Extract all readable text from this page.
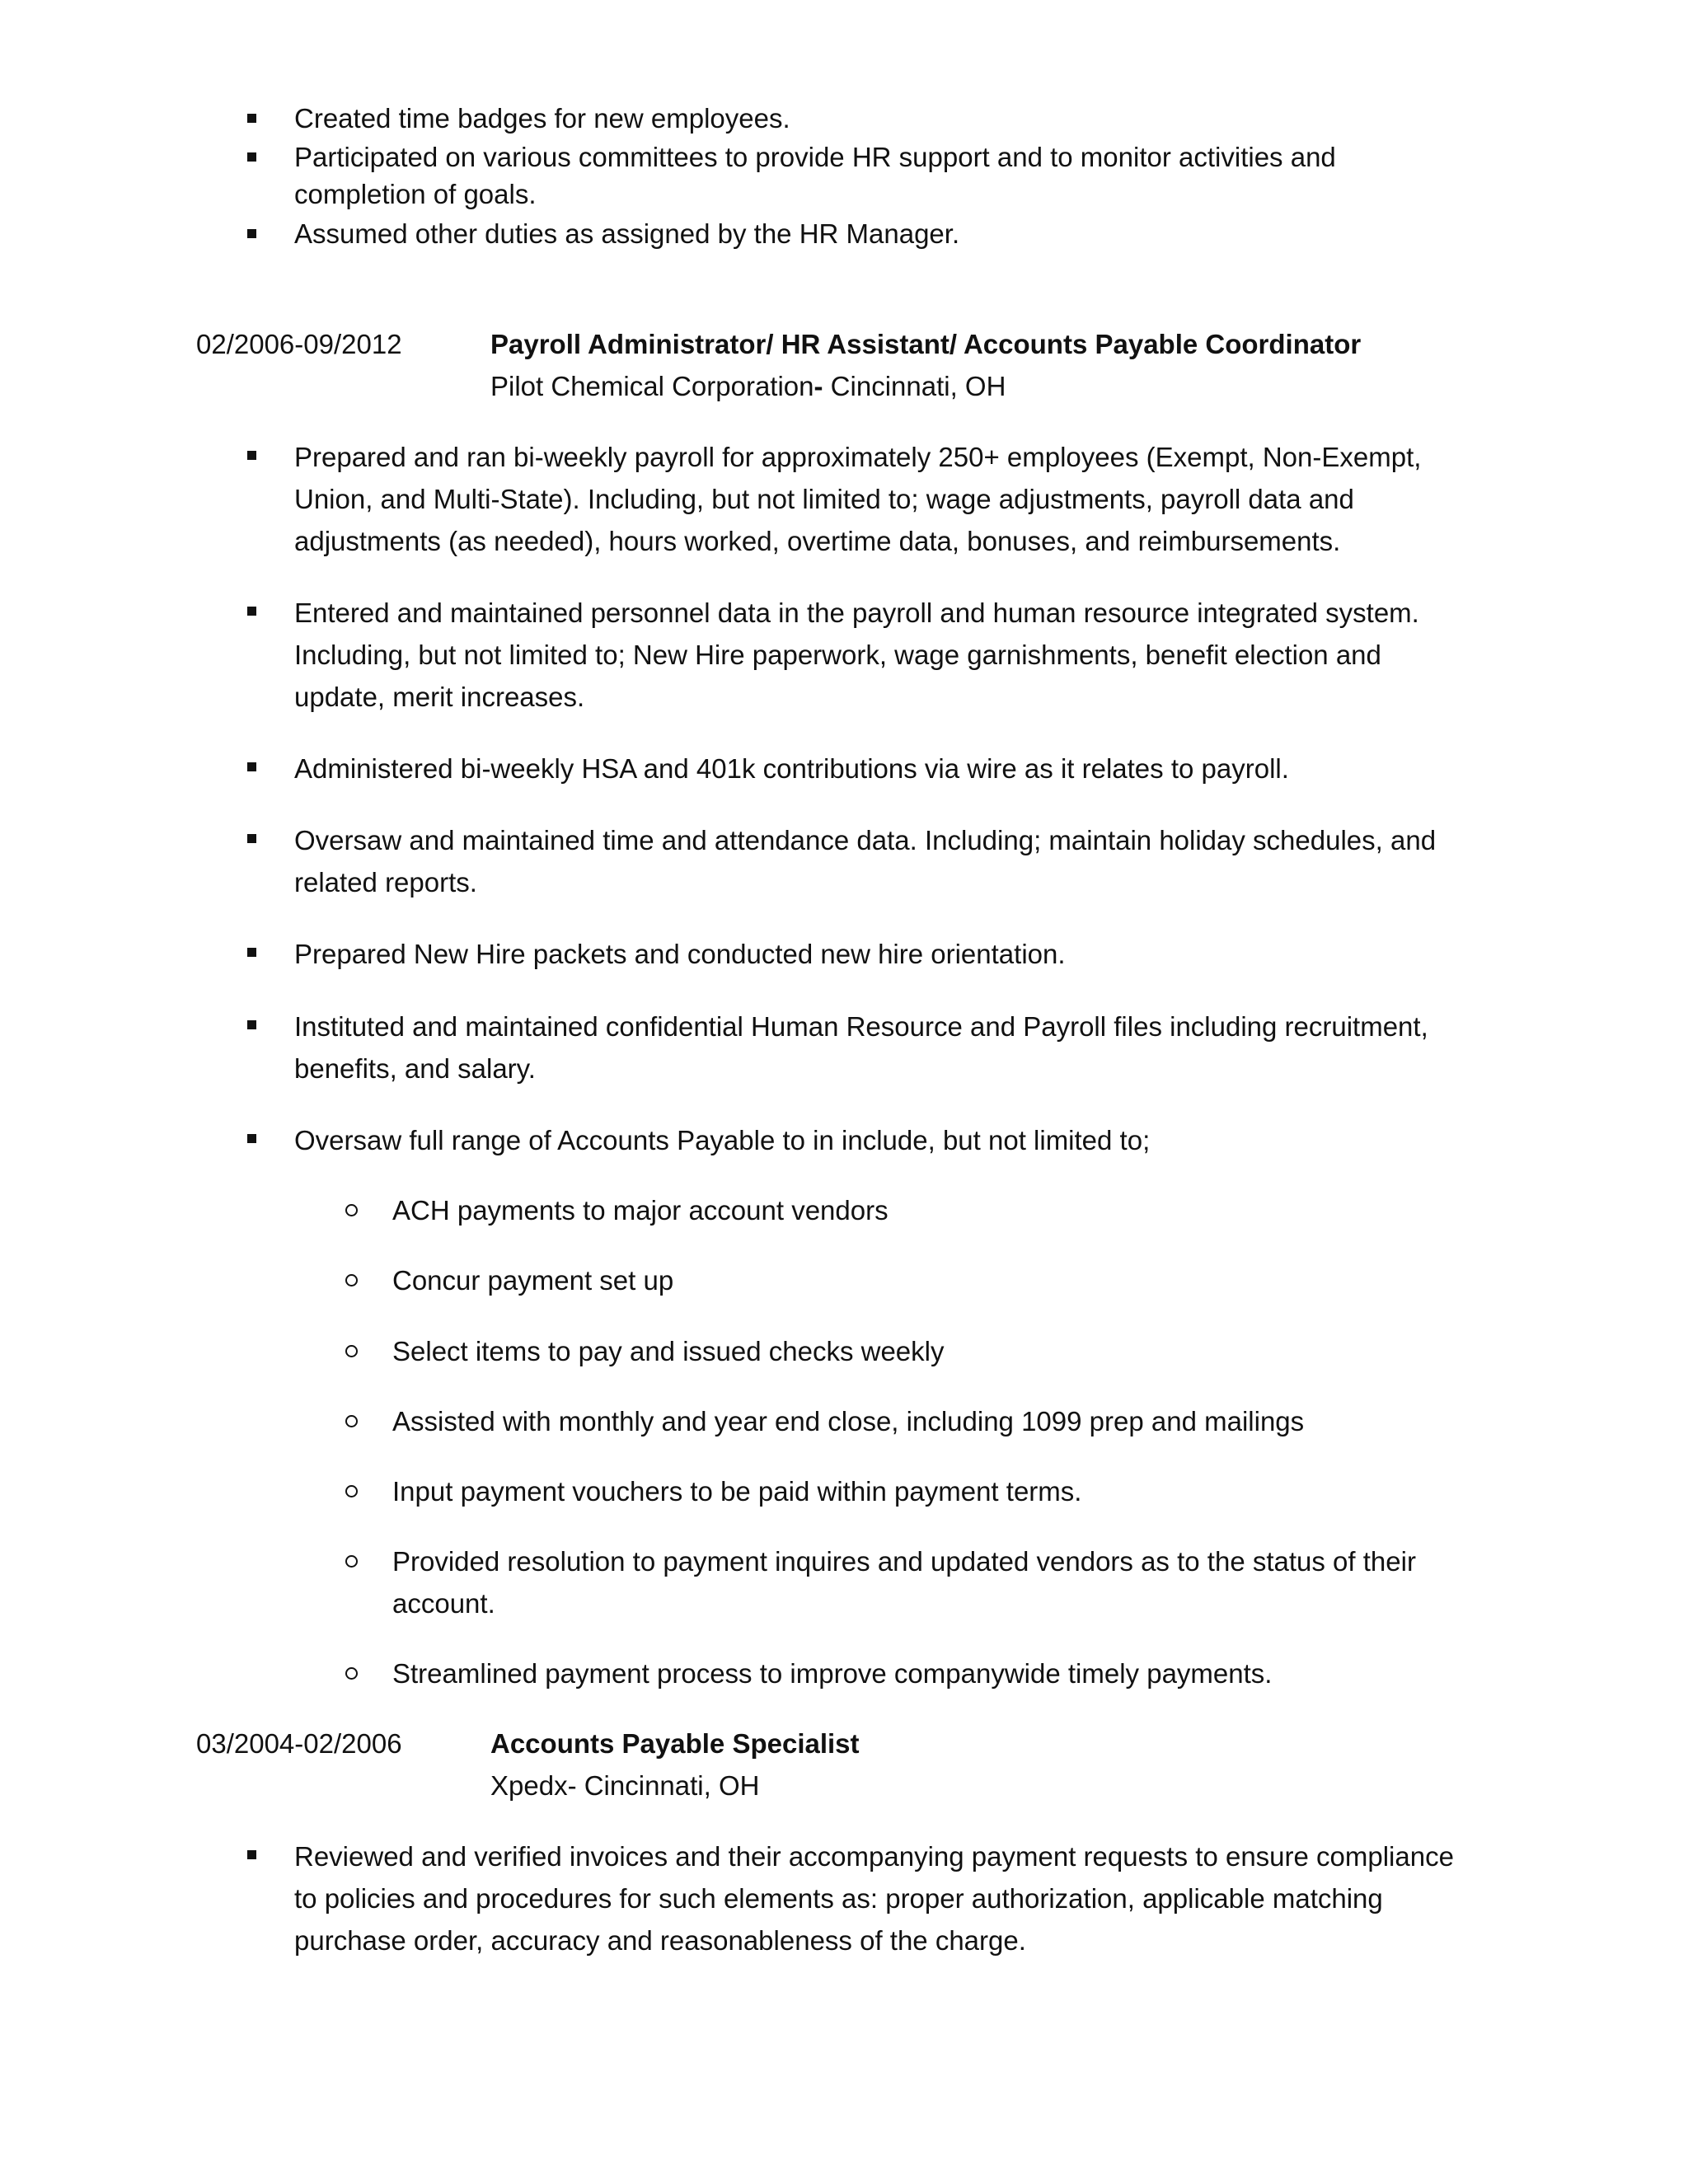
Created time badges for new employees.
Participated on various committees to provide HR support and to monitor activities and
completion of goals.
Assumed other duties as assigned by the HR Manager.
02/2006-09/2012	Payroll Administrator/ HR Assistant/ Accounts Payable Coordinator
Pilot Chemical Corporation- Cincinnati, OH
Prepared and ran bi-weekly payroll for approximately 250+ employees (Exempt, Non-Exempt,
Union, and Multi-State). Including, but not limited to; wage adjustments, payroll data and
adjustments (as needed), hours worked, overtime data, bonuses, and reimbursements.
Entered and maintained personnel data in the payroll and human resource integrated system.
Including, but not limited to; New Hire paperwork, wage garnishments, benefit election and
update, merit increases.
Administered bi-weekly HSA and 401k contributions via wire as it relates to payroll.
Oversaw and maintained time and attendance data. Including; maintain holiday schedules, and
related reports.
Prepared New Hire packets and conducted new hire orientation.
Instituted and maintained confidential Human Resource and Payroll files including recruitment,
benefits, and salary.
Oversaw full range of Accounts Payable to in include, but not limited to;
ACH payments to major account vendors
Concur payment set up
Select items to pay and issued checks weekly
Assisted with monthly and year end close, including 1099 prep and mailings
Input payment vouchers to be paid within payment terms.
Provided resolution to payment inquires and updated vendors as to the status of their
account.
Streamlined payment process to improve companywide timely payments.
03/2004-02/2006	Accounts Payable Specialist
Xpedx- Cincinnati, OH
Reviewed and verified invoices and their accompanying payment requests to ensure compliance
to policies and procedures for such elements as: proper authorization, applicable matching
purchase order, accuracy and reasonableness of the charge.
